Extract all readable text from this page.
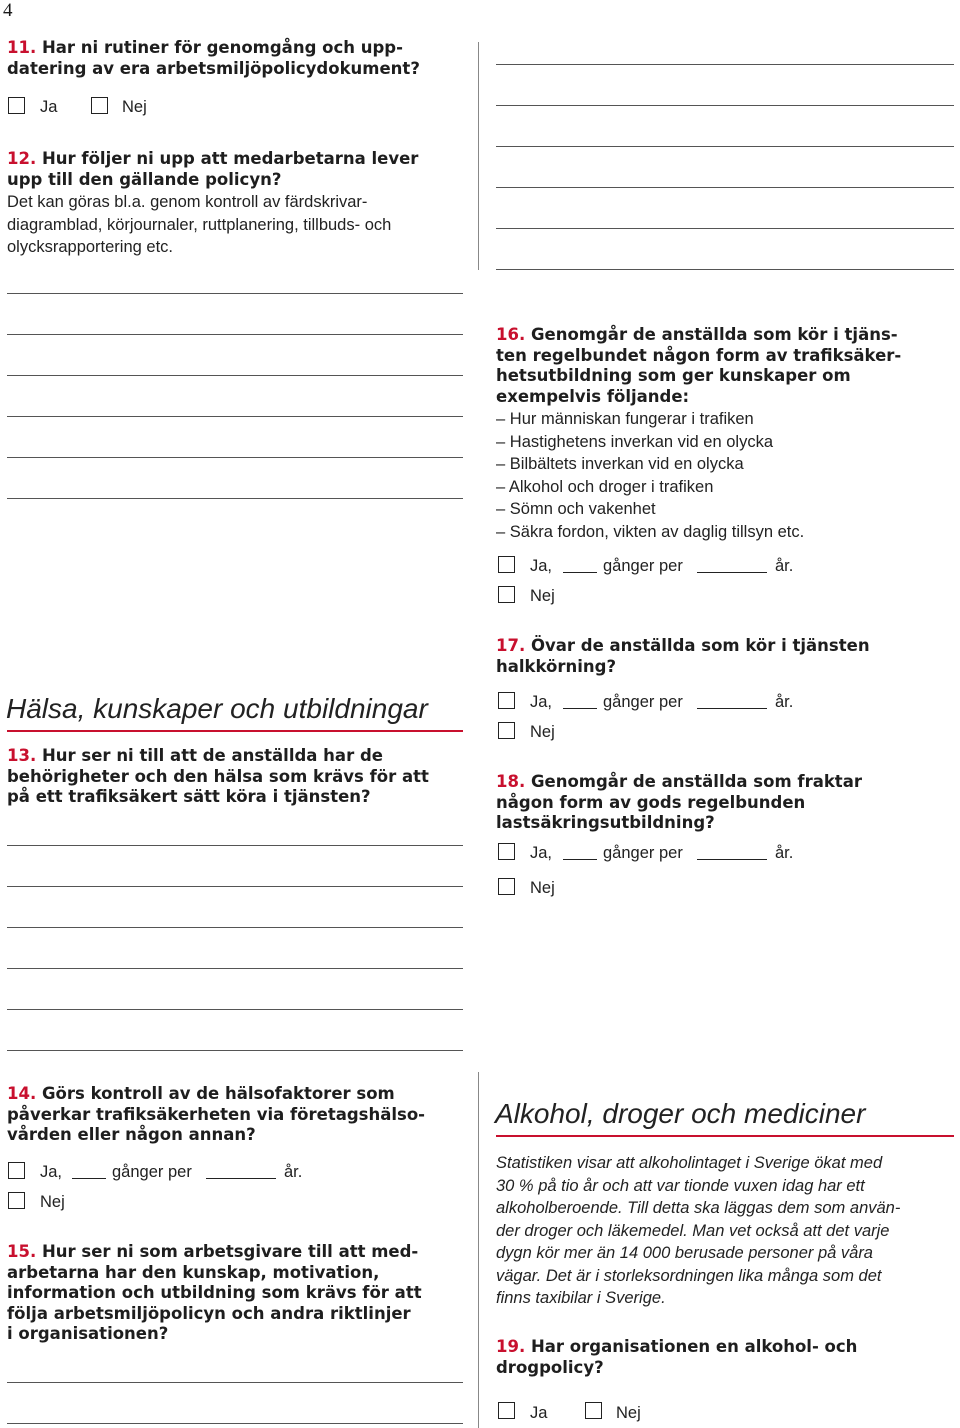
4
11. Har ni rutiner för genomgång och upp-
datering av era arbetsmiljöpolicydokument?
Ja	Nej
12. Hur följer ni upp att medarbetarna lever
upp till den gällande policyn?
Det kan göras bl.a. genom kontroll av färdskrivar-
diagramblad, körjournaler, ruttplanering, tillbuds- och
olycksrapportering etc.
16. Genomgår de anställda som kör i tjäns-
ten regelbundet någon form av trafiksäker-
hetsutbildning som ger kunskaper om
exempelvis följande:
– Hur människan fungerar i trafiken
– Hastighetens inverkan vid en olycka
– Bilbältets inverkan vid en olycka
– Alkohol och droger i trafiken
– Sömn och vakenhet
– Säkra fordon, vikten av daglig tillsyn etc.
Ja,	gånger per	år.
Nej
Hälsa, kunskaper och utbildningar
13. Hur ser ni till att de anställda har de
behörigheter och den hälsa som krävs för att
på ett trafiksäkert sätt köra i tjänsten?
17. Övar de anställda som kör i tjänsten
halkkörning?
Ja,	gånger per	år.
Nej
18. Genomgår de anställda som fraktar
någon form av gods regelbunden
lastsäkringsutbildning?
Ja,	gånger per	år.
Nej
14. Görs kontroll av de hälsofaktorer som
påverkar trafiksäkerheten via företagshälso-
vården eller någon annan?
Ja,	gånger per	år.
Nej
15. Hur ser ni som arbetsgivare till att med-
arbetarna har den kunskap, motivation,
information och utbildning som krävs för att
följa arbetsmiljöpolicyn och andra riktlinjer
i organisationen?
Alkohol, droger och mediciner
Statistiken visar att alkoholintaget i Sverige ökat med
30 % på tio år och att var tionde vuxen idag har ett
alkoholberoende. Till detta ska läggas dem som använ-
der droger och läkemedel. Man vet också att det varje
dygn kör mer än 14 000 berusade personer på våra
vägar. Det är i storleksordningen lika många som det
finns taxibilar i Sverige.
19. Har organisationen en alkohol- och
drogpolicy?
Ja	Nej
